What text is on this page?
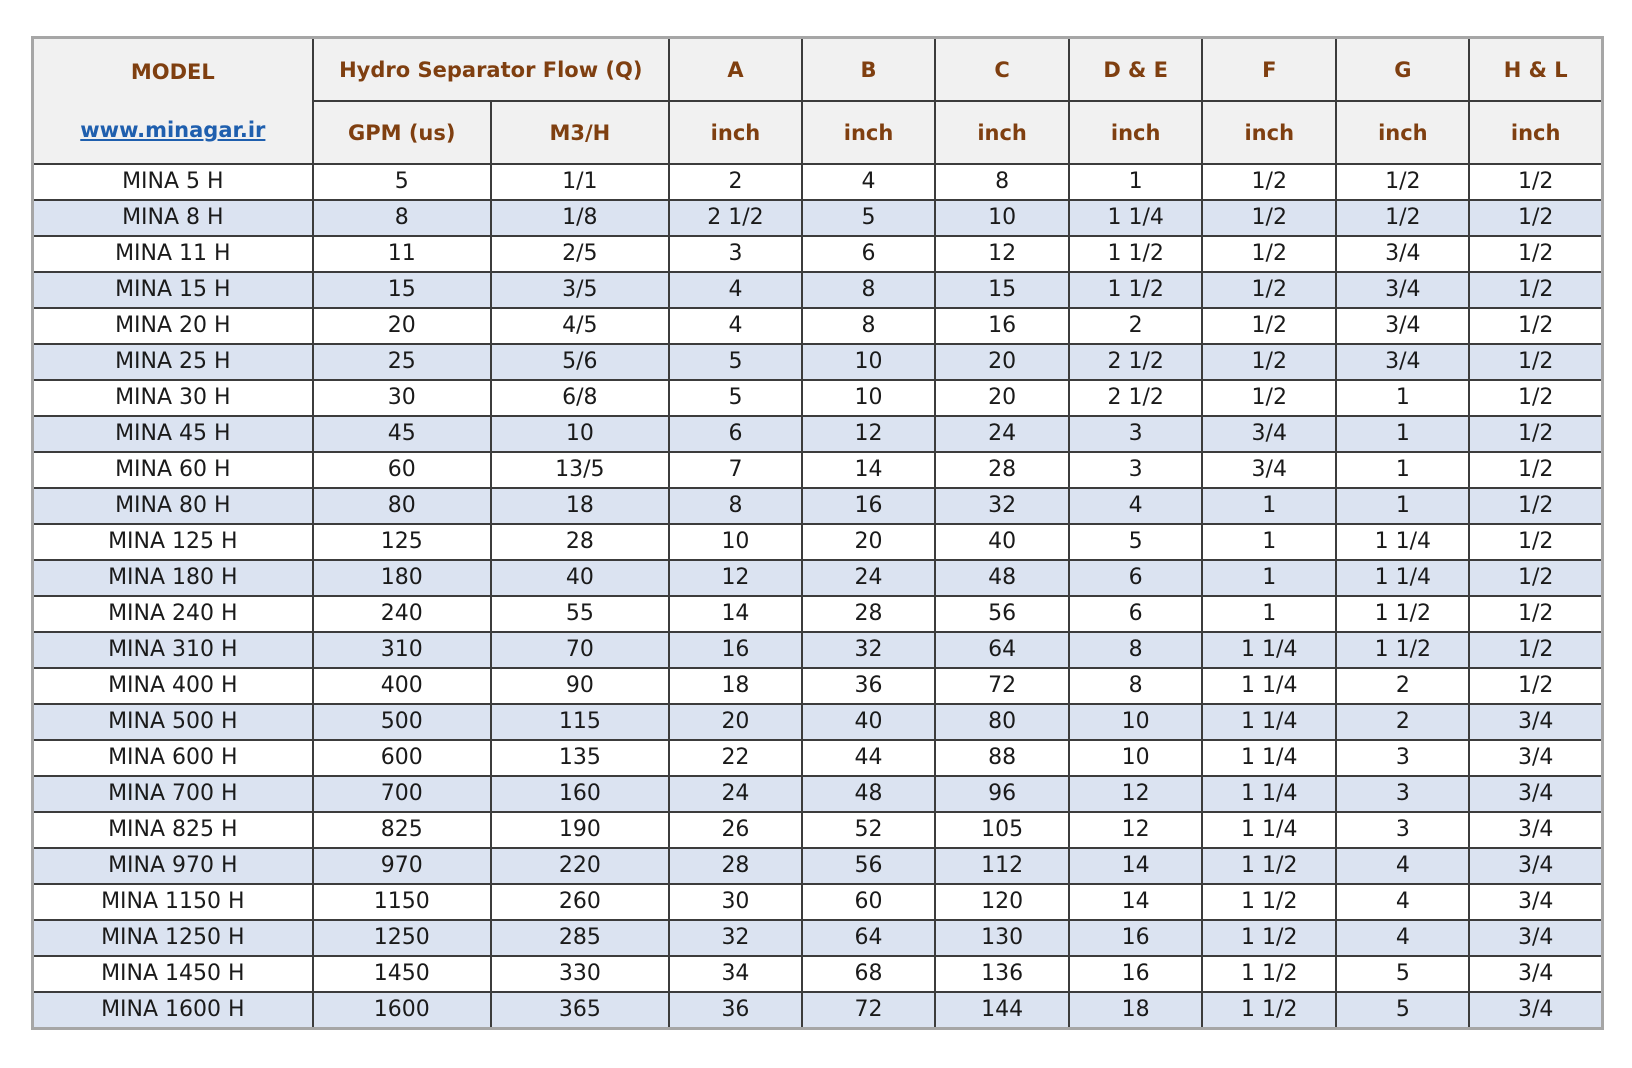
MODEL
www.minagar.ir	Hydro Separator Flow (Q)		A	B	C	D & E	F	G	H & L
	GPM (us)	M3/H	inch	inch	inch	inch	inch	inch	inch
MINA 5 H	5	1/1	2	4	8	1	1/2	1/2	1/2
MINA 8 H	8	1/8	2 1/2	5	10	1 1/4	1/2	1/2	1/2
MINA 11 H	11	2/5	3	6	12	1 1/2	1/2	3/4	1/2
MINA 15 H	15	3/5	4	8	15	1 1/2	1/2	3/4	1/2
MINA 20 H	20	4/5	4	8	16	2	1/2	3/4	1/2
MINA 25 H	25	5/6	5	10	20	2 1/2	1/2	3/4	1/2
MINA 30 H	30	6/8	5	10	20	2 1/2	1/2	1	1/2
MINA 45 H	45	10	6	12	24	3	3/4	1	1/2
MINA 60 H	60	13/5	7	14	28	3	3/4	1	1/2
MINA 80 H	80	18	8	16	32	4	1	1	1/2
MINA 125 H	125	28	10	20	40	5	1	1 1/4	1/2
MINA 180 H	180	40	12	24	48	6	1	1 1/4	1/2
MINA 240 H	240	55	14	28	56	6	1	1 1/2	1/2
MINA 310 H	310	70	16	32	64	8	1 1/4	1 1/2	1/2
MINA 400 H	400	90	18	36	72	8	1 1/4	2	1/2
MINA 500 H	500	115	20	40	80	10	1 1/4	2	3/4
MINA 600 H	600	135	22	44	88	10	1 1/4	3	3/4
MINA 700 H	700	160	24	48	96	12	1 1/4	3	3/4
MINA 825 H	825	190	26	52	105	12	1 1/4	3	3/4
MINA 970 H	970	220	28	56	112	14	1 1/2	4	3/4
MINA 1150 H	1150	260	30	60	120	14	1 1/2	4	3/4
MINA 1250 H	1250	285	32	64	130	16	1 1/2	4	3/4
MINA 1450 H	1450	330	34	68	136	16	1 1/2	5	3/4
MINA 1600 H	1600	365	36	72	144	18	1 1/2	5	3/4
